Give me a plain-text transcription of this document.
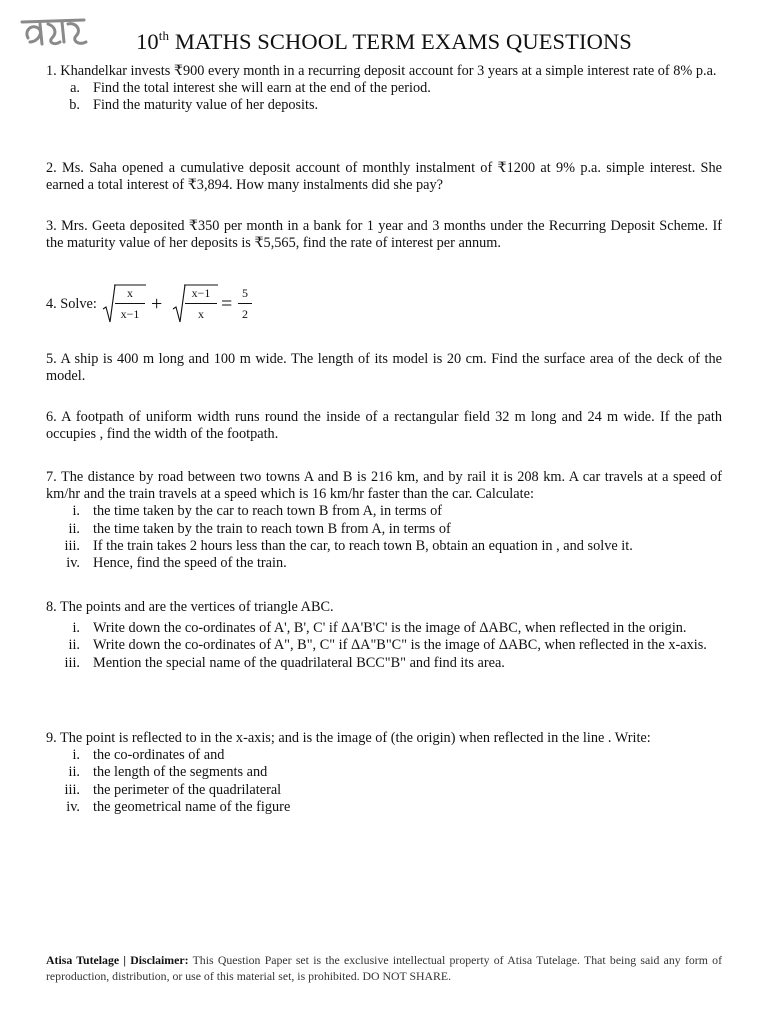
10th MATHS SCHOOL TERM EXAMS QUESTIONS

1. Khandelkar invests ₹900 every month in a recurring deposit account for 3 years at a simple interest rate of 8% p.a.

a. Find the total interest she will earn at the end of the period.
b. Find the maturity value of her deposits.

2. Ms. Saha opened a cumulative deposit account of monthly instalment of ₹1200 at 9% p.a. simple interest. She earned a total interest of ₹3,894. How many instalments did she pay?

3. Mrs. Geeta deposited ₹350 per month in a bank for 1 year and 3 months under the Recurring Deposit Scheme. If the maturity value of her deposits is ₹5,565, find the rate of interest per annum.

4. Solve: $\frac{x}{x-1} + \frac{x-1}{x} = \frac{5}{2}$

5. A ship is 400 m long and 100 m wide. The length of its model is 20 cm. Find the surface area of the deck of the model.

6. A footpath of uniform width runs round the inside of a rectangular field 32 m long and 24 m wide. If the path occupies , find the width of the footpath.

7. The distance by road between two towns A and B is 216 km, and by rail it is 208 km. A car travels at a speed of km/hr and the train travels at a speed which is 16 km/hr faster than the car. Calculate:

i. the time taken by the car to reach town B from A, in terms of
ii. the time taken by the train to reach town B from A, in terms of
iii. If the train takes 2 hours less than the car, to reach town B, obtain an equation in , and solve it.
iv. Hence, find the speed of the train.

8. The points and are the vertices of triangle ABC.

i. Write down the co-ordinates of A', B', C' if ΔA'B'C' is the image of ΔABC, when reflected in the origin.
ii. Write down the co-ordinates of A", B", C" if ΔA"B"C" is the image of ΔABC, when reflected in the x-axis.
iii. Mention the special name of the quadrilateral BCC"B" and find its area.

9. The point is reflected to in the x-axis; and is the image of (the origin) when reflected in the line . Write:

i. the co-ordinates of and
ii. the length of the segments and
iii. the perimeter of the quadrilateral
iv. the geometrical name of the figure
Atisa Tutelage | Disclaimer: This Question Paper set is the exclusive intellectual property of Atisa Tutelage. That being said any form of reproduction, distribution, or use of this material set, is prohibited. DO NOT SHARE.
